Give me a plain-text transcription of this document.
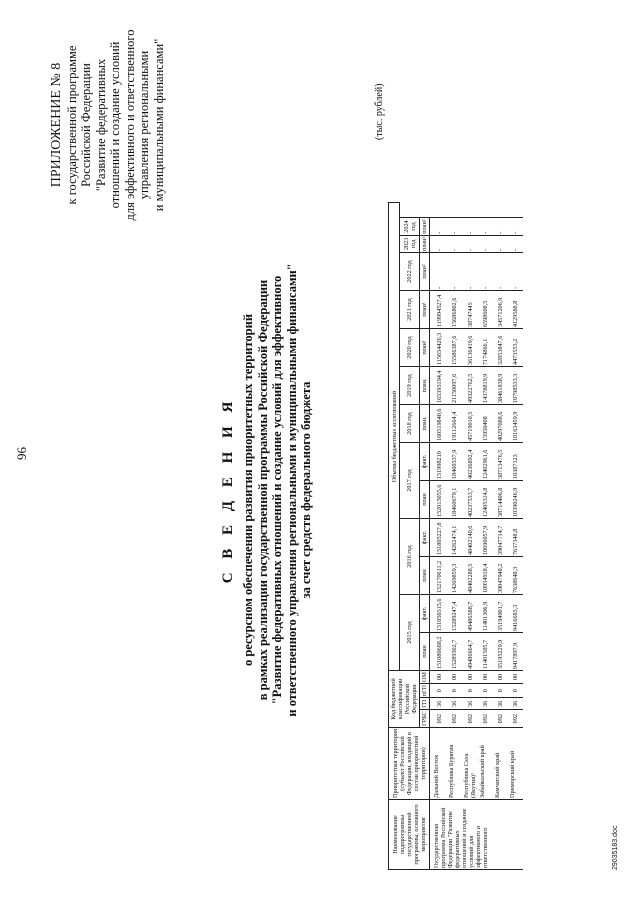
96
ПРИЛОЖЕНИЕ № 8 к государственной программе Российской Федерации "Развитие федеративных отношений и создание условий для эффективного и ответственного управления региональными и муниципальными финансами"
С В Е Д Е Н И Я о ресурсном обеспечении развития приоритетных территорий в рамках реализации государственной программы Российской Федерации "Развитие федеративных отношений и создание условий для эффективного и ответственного управления региональными и муниципальными финансами" за счет средств федерального бюджета
(тыс. рублей)
Наименование подпрограммы государственной программы, основного мероприятия	Приоритетная территория (субъект Российской Федерации, входящий в состав приоритетной территории)	Код бюджетной классификации Российской Федерации				Объемы бюджетных ассигнований												
						2015 год		2016 год		2017 год		2018 год	2019 год	2020 год	2021 год	2022 год	2023 год	2024 год
		ГРБС	ГП	пГП	ОМ	план	факт.	план	факт.	план	факт.	план.	план.	план¹	план¹	план²	план²	план²
Государственная программа Российской Федерации "Развитие федеративных отношений и создание условий для эффективного и ответственного	Дальний Восток	092	36	0	00	151080688,2	151050315,6	152170611,2	151805227,8	152015055,6	151998210	160519840,6	165393194,4	115654426,3	119994527,4	-	-	-
	Республика Бурятия	092	36	0	00	15289302,7	15289247,4	14269859,3	14262474,1	18460679,1	18460337,9	19112664,4	21150097,6	15586387,6	15686802,6	-	-	-
	Республика Саха (Якутия)¹	092	36	0	00	49486664,7	49486588,7	48402288,5	48402140,6	40237533,7	40236892,4	45719010,5	49322762,5	36136419,6	38747445	-	-	-
	Забайкальский край	092	36	0	00	11401505,7	11401306,9	10954918,4	10696057,9	12405314,8	12402961,6	15950408	14378819,9	7174866,1	6598608,5	-	-	-
	Камчатский край	092	36	0	00	35195229,9	35194901,7	39047948,2	39047714,7	38714406,8	38713476,5	40297088,6	38461838,9	32853847,6	34571206,9	-	-	-
	Приморский край	092	36	0	00	9417897,9	9416683,3	7638648,3	7637348,8	10390246,9	10387123	10163459,9	10798533,3	4473553,2	4129588,8	-	-	-
29035183.doc
